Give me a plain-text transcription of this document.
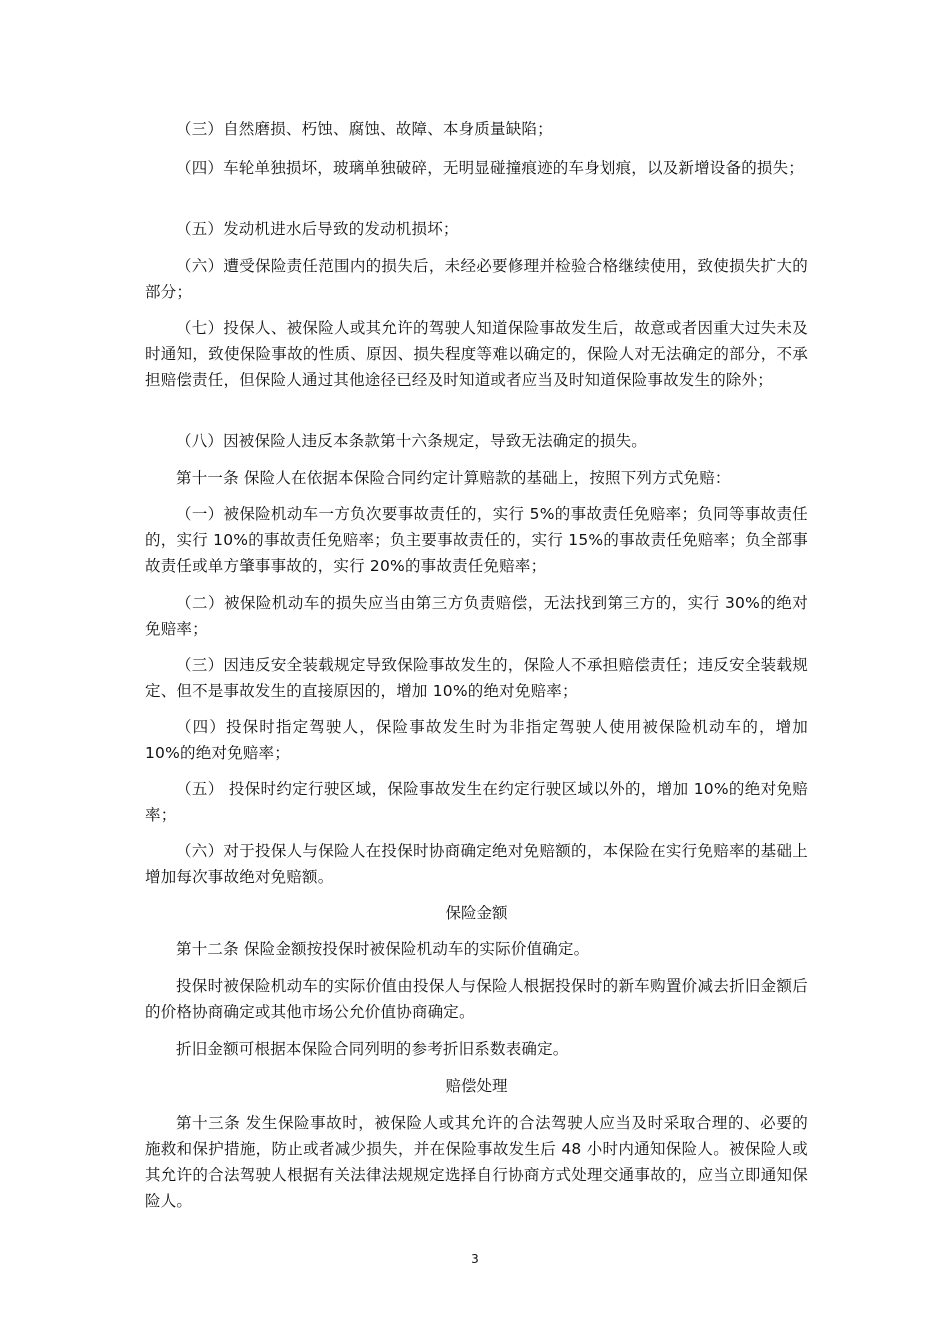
（三）自然磨损、朽蚀、腐蚀、故障、本身质量缺陷；

（四）车轮单独损坏，玻璃单独破碎，无明显碰撞痕迹的车身划痕，以及新增设备的损失；

（五）发动机进水后导致的发动机损坏；

（六）遭受保险责任范围内的损失后，未经必要修理并检验合格继续使用，致使损失扩大的部分；

（七）投保人、被保险人或其允许的驾驶人知道保险事故发生后，故意或者因重大过失未及时通知，致使保险事故的性质、原因、损失程度等难以确定的，保险人对无法确定的部分，不承担赔偿责任，但保险人通过其他途径已经及时知道或者应当及时知道保险事故发生的除外；

（八）因被保险人违反本条款第十六条规定，导致无法确定的损失。

第十一条 保险人在依据本保险合同约定计算赔款的基础上，按照下列方式免赔：

（一）被保险机动车一方负次要事故责任的，实行 5%的事故责任免赔率；负同等事故责任的，实行 10%的事故责任免赔率；负主要事故责任的，实行 15%的事故责任免赔率；负全部事故责任或单方肇事事故的，实行 20%的事故责任免赔率；

（二）被保险机动车的损失应当由第三方负责赔偿，无法找到第三方的，实行 30%的绝对免赔率；

（三）因违反安全装载规定导致保险事故发生的，保险人不承担赔偿责任；违反安全装载规定、但不是事故发生的直接原因的，增加 10%的绝对免赔率；

（四）投保时指定驾驶人，保险事故发生时为非指定驾驶人使用被保险机动车的，增加 10%的绝对免赔率；

（五） 投保时约定行驶区域，保险事故发生在约定行驶区域以外的，增加 10%的绝对免赔率；

（六）对于投保人与保险人在投保时协商确定绝对免赔额的，本保险在实行免赔率的基础上增加每次事故绝对免赔额。

保险金额

第十二条 保险金额按投保时被保险机动车的实际价值确定。

投保时被保险机动车的实际价值由投保人与保险人根据投保时的新车购置价减去折旧金额后的价格协商确定或其他市场公允价值协商确定。

折旧金额可根据本保险合同列明的参考折旧系数表确定。

赔偿处理

第十三条 发生保险事故时，被保险人或其允许的合法驾驶人应当及时采取合理的、必要的施救和保护措施，防止或者减少损失，并在保险事故发生后 48 小时内通知保险人。被保险人或其允许的合法驾驶人根据有关法律法规规定选择自行协商方式处理交通事故的，应当立即通知保险人。

3
